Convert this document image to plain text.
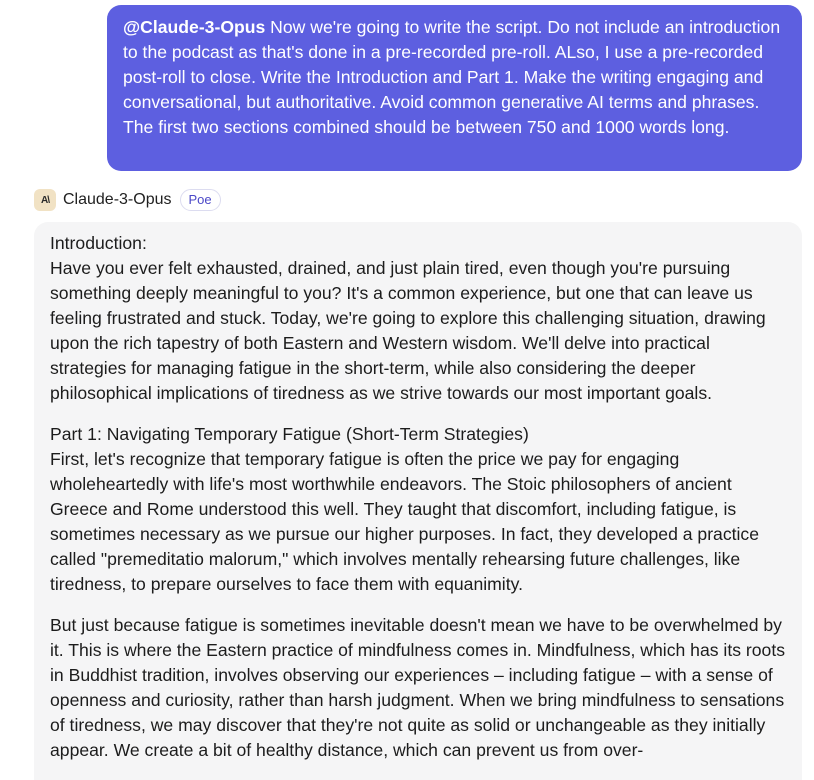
@Claude-3-Opus Now we're going to write the script. Do not include an introduction to the podcast as that's done in a pre-recorded pre-roll. ALso, I use a pre-recorded post-roll to close. Write the Introduction and Part 1. Make the writing engaging and conversational, but authoritative. Avoid common generative AI terms and phrases. The first two sections combined should be between 750 and 1000 words long.
A\ Claude-3-Opus	Poe

Introduction:
Have you ever felt exhausted, drained, and just plain tired, even though you're pursuing something deeply meaningful to you? It's a common experience, but one that can leave us feeling frustrated and stuck. Today, we're going to explore this challenging situation, drawing upon the rich tapestry of both Eastern and Western wisdom. We'll delve into practical strategies for managing fatigue in the short-term, while also considering the deeper philosophical implications of tiredness as we strive towards our most important goals.

Part 1: Navigating Temporary Fatigue (Short-Term Strategies)
First, let's recognize that temporary fatigue is often the price we pay for engaging wholeheartedly with life's most worthwhile endeavors. The Stoic philosophers of ancient Greece and Rome understood this well. They taught that discomfort, including fatigue, is sometimes necessary as we pursue our higher purposes. In fact, they developed a practice called "premeditatio malorum," which involves mentally rehearsing future challenges, like tiredness, to prepare ourselves to face them with equanimity.

But just because fatigue is sometimes inevitable doesn't mean we have to be overwhelmed by it. This is where the Eastern practice of mindfulness comes in. Mindfulness, which has its roots in Buddhist tradition, involves observing our experiences – including fatigue – with a sense of openness and curiosity, rather than harsh judgment. When we bring mindfulness to sensations of tiredness, we may discover that they're not quite as solid or unchangeable as they initially appear. We create a bit of healthy distance, which can prevent us from over-
